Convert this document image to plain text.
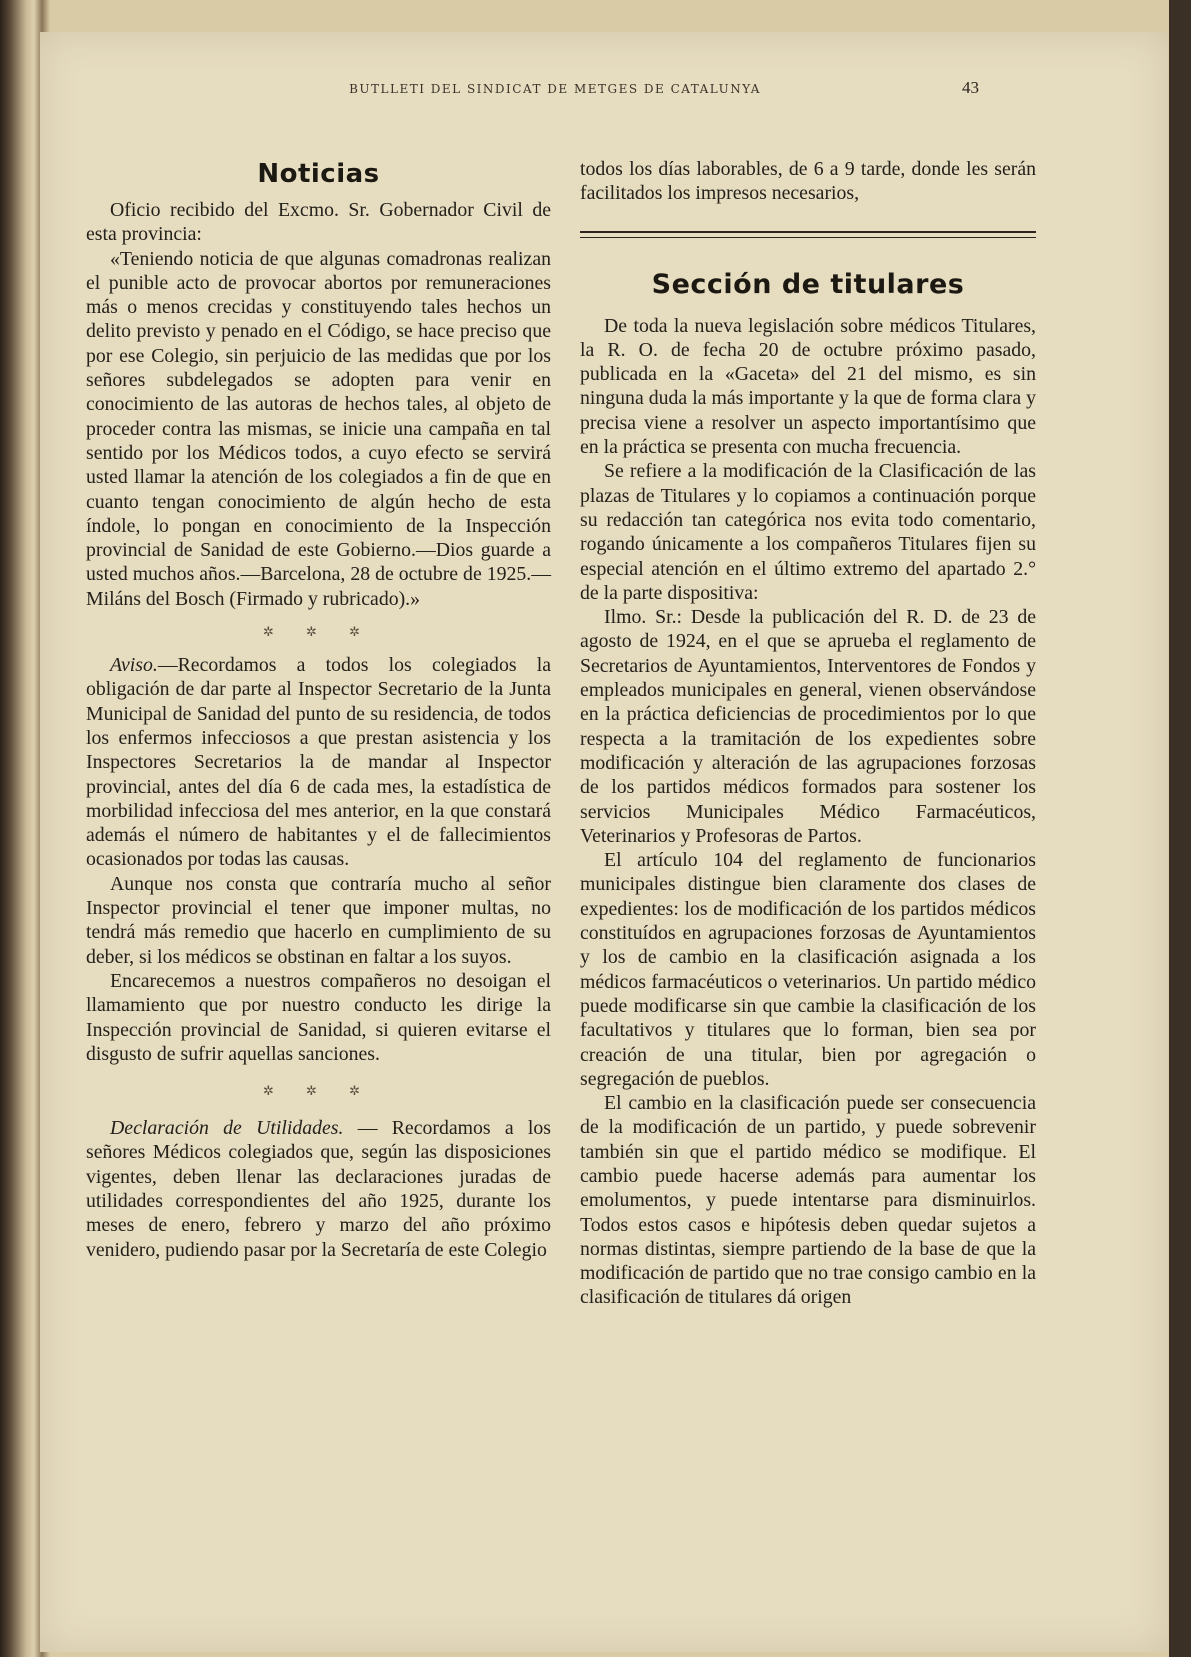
BUTLLETI DEL SINDICAT DE METGES DE CATALUNYA	43
Noticias

Oficio recibido del Excmo. Sr. Gobernador Civil de esta provincia:

«Teniendo noticia de que algunas comadronas realizan el punible acto de provocar abortos por remuneraciones más o menos crecidas y constituyendo tales hechos un delito previsto y penado en el Código, se hace preciso que por ese Colegio, sin perjuicio de las medidas que por los señores subdelegados se adopten para venir en conocimiento de las autoras de hechos tales, al objeto de proceder contra las mismas, se inicie una campaña en tal sentido por los Médicos todos, a cuyo efecto se servirá usted llamar la atención de los colegiados a fin de que en cuanto tengan conocimiento de algún hecho de esta índole, lo pongan en conocimiento de la Inspección provincial de Sanidad de este Gobierno.—Dios guarde a usted muchos años.—Barcelona, 28 de octubre de 1925.—Miláns del Bosch (Firmado y rubricado).»

✲ ✲ ✲

Aviso.—Recordamos a todos los colegiados la obligación de dar parte al Inspector Secretario de la Junta Municipal de Sanidad del punto de su residencia, de todos los enfermos infecciosos a que prestan asistencia y los Inspectores Secretarios la de mandar al Inspector provincial, antes del día 6 de cada mes, la estadística de morbilidad infecciosa del mes anterior, en la que constará además el número de habitantes y el de fallecimientos ocasionados por todas las causas.

Aunque nos consta que contraría mucho al señor Inspector provincial el tener que imponer multas, no tendrá más remedio que hacerlo en cumplimiento de su deber, si los médicos se obstinan en faltar a los suyos.

Encarecemos a nuestros compañeros no desoigan el llamamiento que por nuestro conducto les dirige la Inspección provincial de Sanidad, si quieren evitarse el disgusto de sufrir aquellas sanciones.

✲ ✲ ✲

Declaración de Utilidades. — Recordamos a los señores Médicos colegiados que, según las disposiciones vigentes, deben llenar las declaraciones juradas de utilidades correspondientes del año 1925, durante los meses de enero, febrero y marzo del año próximo venidero, pudiendo pasar por la Secretaría de este Colegio

todos los días laborables, de 6 a 9 tarde, donde les serán facilitados los impresos necesarios,

Sección de titulares

De toda la nueva legislación sobre médicos Titulares, la R. O. de fecha 20 de octubre próximo pasado, publicada en la «Gaceta» del 21 del mismo, es sin ninguna duda la más importante y la que de forma clara y precisa viene a resolver un aspecto importantísimo que en la práctica se presenta con mucha frecuencia.

Se refiere a la modificación de la Clasificación de las plazas de Titulares y lo copiamos a continuación porque su redacción tan categórica nos evita todo comentario, rogando únicamente a los compañeros Titulares fijen su especial atención en el último extremo del apartado 2.° de la parte dispositiva:

Ilmo. Sr.: Desde la publicación del R. D. de 23 de agosto de 1924, en el que se aprueba el reglamento de Secretarios de Ayuntamientos, Interventores de Fondos y empleados municipales en general, vienen observándose en la práctica deficiencias de procedimientos por lo que respecta a la tramitación de los expedientes sobre modificación y alteración de las agrupaciones forzosas de los partidos médicos formados para sostener los servicios Municipales Médico Farmacéuticos, Veterinarios y Profesoras de Partos.

El artículo 104 del reglamento de funcionarios municipales distingue bien claramente dos clases de expedientes: los de modificación de los partidos médicos constituídos en agrupaciones forzosas de Ayuntamientos y los de cambio en la clasificación asignada a los médicos farmacéuticos o veterinarios. Un partido médico puede modificarse sin que cambie la clasificación de los facultativos y titulares que lo forman, bien sea por creación de una titular, bien por agregación o segregación de pueblos.

El cambio en la clasificación puede ser consecuencia de la modificación de un partido, y puede sobrevenir también sin que el partido médico se modifique. El cambio puede hacerse además para aumentar los emolumentos, y puede intentarse para disminuirlos. Todos estos casos e hipótesis deben quedar sujetos a normas distintas, siempre partiendo de la base de que la modificación de partido que no trae consigo cambio en la clasificación de titulares dá origen
